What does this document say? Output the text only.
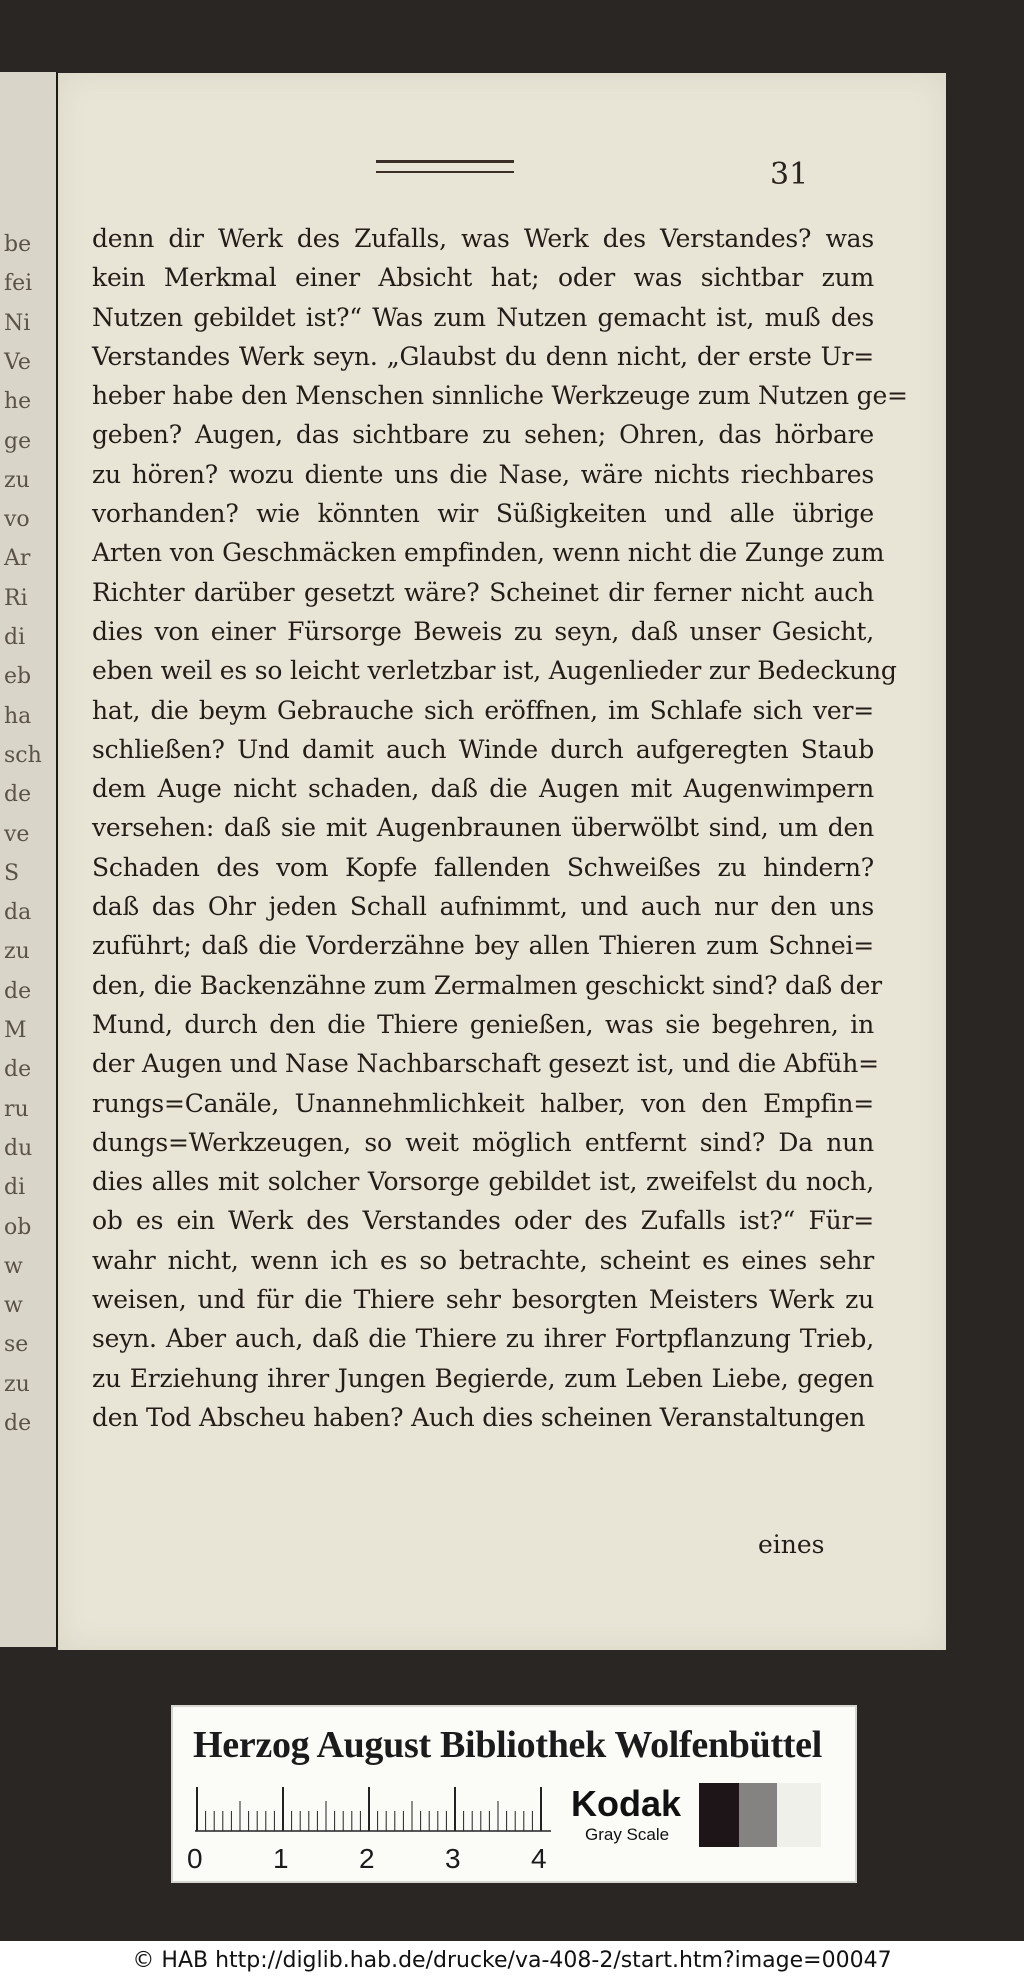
be
fei
Ni
Ve
he
ge
zu
vo
Ar
Ri
di
eb
ha
sch
de
ve
S
da
zu
de
M
de
ru
du
di
ob
w
w
se
zu
de
31
denn dir Werk des Zufalls, was Werk des Verstandes? was
kein Merkmal einer Absicht hat; oder was sichtbar zum
Nutzen gebildet ist?“ Was zum Nutzen gemacht ist, muß des
Verstandes Werk seyn. „Glaubst du denn nicht, der erste Ur=
heber habe den Menschen sinnliche Werkzeuge zum Nutzen ge=
geben? Augen, das sichtbare zu sehen; Ohren, das hörbare
zu hören? wozu diente uns die Nase, wäre nichts riechbares
vorhanden? wie könnten wir Süßigkeiten und alle übrige
Arten von Geschmäcken empfinden, wenn nicht die Zunge zum
Richter darüber gesetzt wäre? Scheinet dir ferner nicht auch
dies von einer Fürsorge Beweis zu seyn, daß unser Gesicht,
eben weil es so leicht verletzbar ist, Augenlieder zur Bedeckung
hat, die beym Gebrauche sich eröffnen, im Schlafe sich ver=
schließen? Und damit auch Winde durch aufgeregten Staub
dem Auge nicht schaden, daß die Augen mit Augenwimpern
versehen: daß sie mit Augenbraunen überwölbt sind, um den
Schaden des vom Kopfe fallenden Schweißes zu hindern?
daß das Ohr jeden Schall aufnimmt, und auch nur den uns
zuführt; daß die Vorderzähne bey allen Thieren zum Schnei=
den, die Backenzähne zum Zermalmen geschickt sind? daß der
Mund, durch den die Thiere genießen, was sie begehren, in
der Augen und Nase Nachbarschaft gesezt ist, und die Abfüh=
rungs=Canäle, Unannehmlichkeit halber, von den Empfin=
dungs=Werkzeugen, so weit möglich entfernt sind? Da nun
dies alles mit solcher Vorsorge gebildet ist, zweifelst du noch,
ob es ein Werk des Verstandes oder des Zufalls ist?“ Für=
wahr nicht, wenn ich es so betrachte, scheint es eines sehr
weisen, und für die Thiere sehr besorgten Meisters Werk zu
seyn. Aber auch, daß die Thiere zu ihrer Fortpflanzung Trieb,
zu Erziehung ihrer Jungen Begierde, zum Leben Liebe, gegen
den Tod Abscheu haben? Auch dies scheinen Veranstaltungen
eines
Herzog August Bibliothek Wolfenbüttel
0	1	2	3	4
Kodak
Gray Scale
© HAB http://diglib.hab.de/drucke/va-408-2/start.htm?image=00047
